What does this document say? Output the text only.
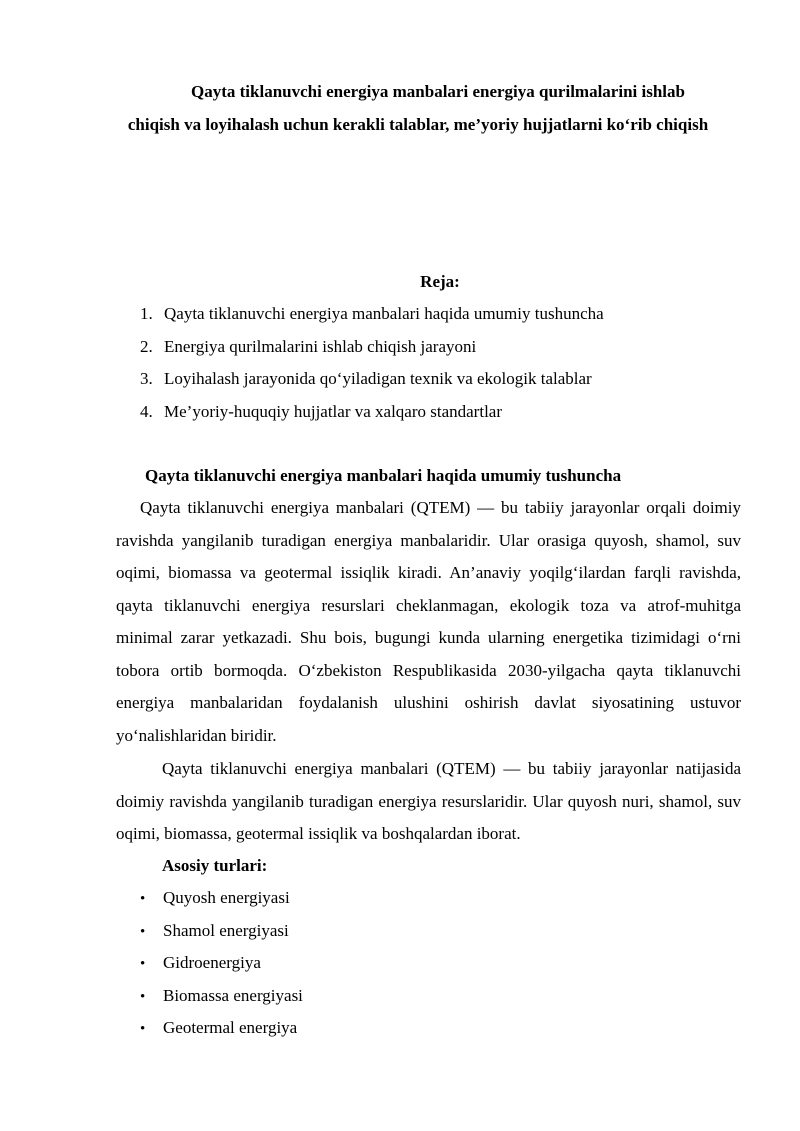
Qayta tiklanuvchi energiya manbalari energiya qurilmalarini ishlab
chiqish va loyihalash uchun kerakli talablar, me’yoriy hujjatlarni ko‘rib chiqish
Reja:
1. Qayta tiklanuvchi energiya manbalari haqida umumiy tushuncha
2. Energiya qurilmalarini ishlab chiqish jarayoni
3. Loyihalash jarayonida qo‘yiladigan texnik va ekologik talablar
4. Me’yoriy-huquqiy hujjatlar va xalqaro standartlar
Qayta tiklanuvchi energiya manbalari haqida umumiy tushuncha

Qayta tiklanuvchi energiya manbalari (QTEM) — bu tabiiy jarayonlar orqali doimiy ravishda yangilanib turadigan energiya manbalaridir. Ular orasiga quyosh, shamol, suv oqimi, biomassa va geotermal issiqlik kiradi. An’anaviy yoqilg‘ilardan farqli ravishda, qayta tiklanuvchi energiya resurslari cheklanmagan, ekologik toza va atrof-muhitga minimal zarar yetkazadi. Shu bois, bugungi kunda ularning energetika tizimidagi o‘rni tobora ortib bormoqda. O‘zbekiston Respublikasida 2030-yilgacha qayta tiklanuvchi energiya manbalaridan foydalanish ulushini oshirish davlat siyosatining ustuvor yo‘nalishlaridan biridir.

Qayta tiklanuvchi energiya manbalari (QTEM) — bu tabiiy jarayonlar natijasida doimiy ravishda yangilanib turadigan energiya resurslaridir. Ular quyosh nuri, shamol, suv oqimi, biomassa, geotermal issiqlik va boshqalardan iborat.

Asosiy turlari:

• Quyosh energiyasi
• Shamol energiyasi
• Gidroenergiya
• Biomassa energiyasi
• Geotermal energiya
